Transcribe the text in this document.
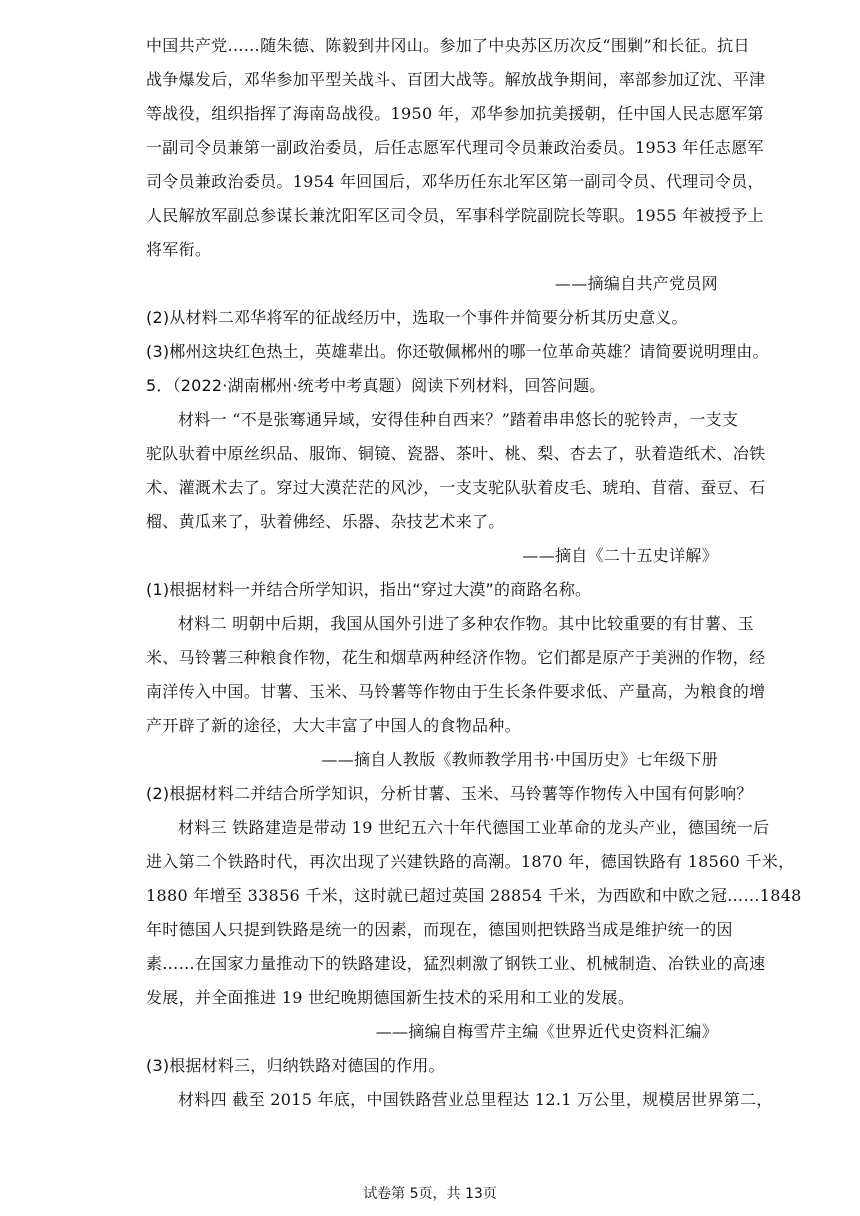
中国共产党……随朱德、陈毅到井冈山。参加了中央苏区历次反“围剿”和长征。抗日
战争爆发后，邓华参加平型关战斗、百团大战等。解放战争期间，率部参加辽沈、平津
等战役，组织指挥了海南岛战役。1950 年，邓华参加抗美援朝，任中国人民志愿军第
一副司令员兼第一副政治委员，后任志愿军代理司令员兼政治委员。1953 年任志愿军
司令员兼政治委员。1954 年回国后，邓华历任东北军区第一副司令员、代理司令员，
人民解放军副总参谋长兼沈阳军区司令员，军事科学院副院长等职。1955 年被授予上
将军衔。
——摘编自共产党员网
(2)从材料二邓华将军的征战经历中，选取一个事件并简要分析其历史意义。
(3)郴州这块红色热土，英雄辈出。你还敬佩郴州的哪一位革命英雄？请简要说明理由。
5．（2022·湖南郴州·统考中考真题）阅读下列材料，回答问题。
材料一 “不是张骞通异域，安得佳种自西来？”踏着串串悠长的驼铃声，一支支
驼队驮着中原丝织品、服饰、铜镜、瓷器、茶叶、桃、梨、杏去了，驮着造纸术、冶铁
术、灌溉术去了。穿过大漠茫茫的风沙，一支支驼队驮着皮毛、琥珀、苜蓿、蚕豆、石
榴、黄瓜来了，驮着佛经、乐器、杂技艺术来了。
——摘自《二十五史详解》
(1)根据材料一并结合所学知识，指出“穿过大漠”的商路名称。
材料二 明朝中后期，我国从国外引进了多种农作物。其中比较重要的有甘薯、玉
米、马铃薯三种粮食作物，花生和烟草两种经济作物。它们都是原产于美洲的作物，经
南洋传入中国。甘薯、玉米、马铃薯等作物由于生长条件要求低、产量高，为粮食的增
产开辟了新的途径，大大丰富了中国人的食物品种。
——摘自人教版《教师教学用书·中国历史》七年级下册
(2)根据材料二并结合所学知识，分析甘薯、玉米、马铃薯等作物传入中国有何影响？
材料三 铁路建造是带动 19 世纪五六十年代德国工业革命的龙头产业，德国统一后
进入第二个铁路时代，再次出现了兴建铁路的高潮。1870 年，德国铁路有 18560 千米，
1880 年增至 33856 千米，这时就已超过英国 28854 千米，为西欧和中欧之冠……1848
年时德国人只提到铁路是统一的因素，而现在，德国则把铁路当成是维护统一的因
素……在国家力量推动下的铁路建设，猛烈刺激了钢铁工业、机械制造、冶铁业的高速
发展，并全面推进 19 世纪晚期德国新生技术的采用和工业的发展。
——摘编自梅雪芹主编《世界近代史资料汇编》
(3)根据材料三，归纳铁路对德国的作用。
材料四 截至 2015 年底，中国铁路营业总里程达 12.1 万公里，规模居世界第二，
试卷第 5页，共 13页
